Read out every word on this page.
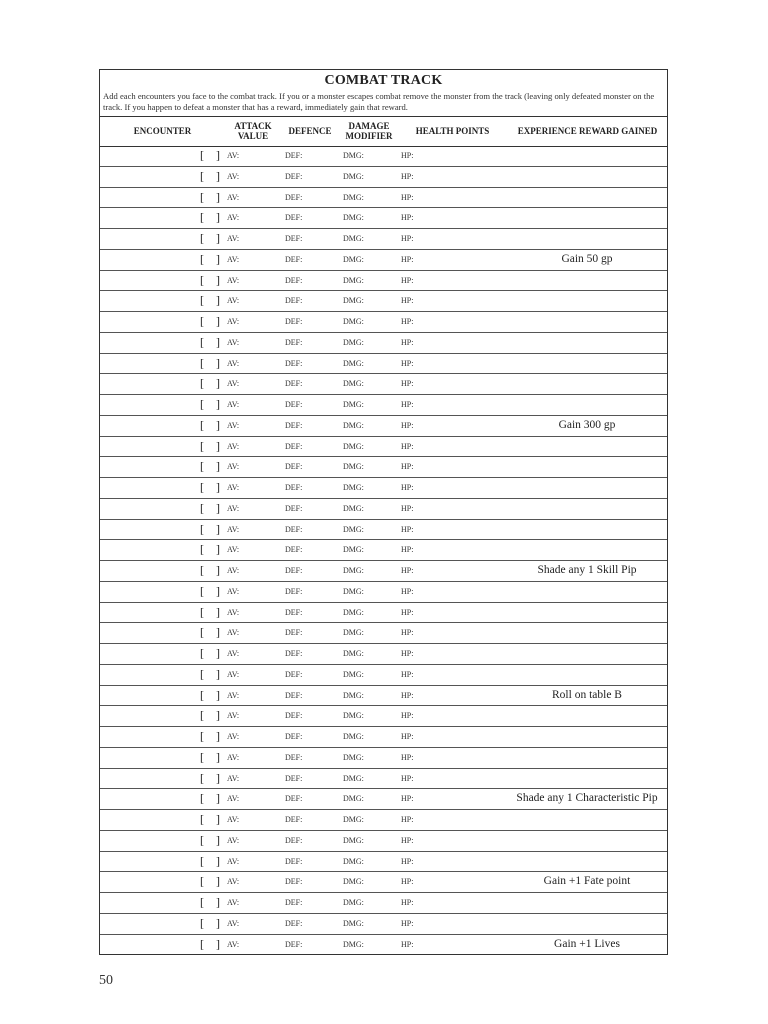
COMBAT TRACK
Add each encounters you face to the combat track. If you or a monster escapes combat remove the monster from the track (leaving only defeated monster on the track. If you happen to defeat a monster that has a reward, immediately gain that reward.
ENCOUNTER	ATTACK VALUE	DEFENCE	DAMAGE MODIFIER	HEALTH POINTS	EXPERIENCE REWARD GAINED
[ ] AV:	DEF:	DMG:	HP:
[ ] AV:	DEF:	DMG:	HP:
[ ] AV:	DEF:	DMG:	HP:
[ ] AV:	DEF:	DMG:	HP:
[ ] AV:	DEF:	DMG:	HP:
[ ] AV:	DEF:	DMG:	HP:	Gain 50 gp
[ ] AV:	DEF:	DMG:	HP:
[ ] AV:	DEF:	DMG:	HP:
[ ] AV:	DEF:	DMG:	HP:
[ ] AV:	DEF:	DMG:	HP:
[ ] AV:	DEF:	DMG:	HP:
[ ] AV:	DEF:	DMG:	HP:
[ ] AV:	DEF:	DMG:	HP:
[ ] AV:	DEF:	DMG:	HP:	Gain 300 gp
[ ] AV:	DEF:	DMG:	HP:
[ ] AV:	DEF:	DMG:	HP:
[ ] AV:	DEF:	DMG:	HP:
[ ] AV:	DEF:	DMG:	HP:
[ ] AV:	DEF:	DMG:	HP:
[ ] AV:	DEF:	DMG:	HP:
[ ] AV:	DEF:	DMG:	HP:	Shade any 1 Skill Pip
[ ] AV:	DEF:	DMG:	HP:
[ ] AV:	DEF:	DMG:	HP:
[ ] AV:	DEF:	DMG:	HP:
[ ] AV:	DEF:	DMG:	HP:
[ ] AV:	DEF:	DMG:	HP:
[ ] AV:	DEF:	DMG:	HP:	Roll on table B
[ ] AV:	DEF:	DMG:	HP:
[ ] AV:	DEF:	DMG:	HP:
[ ] AV:	DEF:	DMG:	HP:
[ ] AV:	DEF:	DMG:	HP:
[ ] AV:	DEF:	DMG:	HP:	Shade any 1 Characteristic Pip
[ ] AV:	DEF:	DMG:	HP:
[ ] AV:	DEF:	DMG:	HP:
[ ] AV:	DEF:	DMG:	HP:
[ ] AV:	DEF:	DMG:	HP:	Gain +1 Fate point
[ ] AV:	DEF:	DMG:	HP:
[ ] AV:	DEF:	DMG:	HP:
[ ] AV:	DEF:	DMG:	HP:	Gain +1 Lives
50
